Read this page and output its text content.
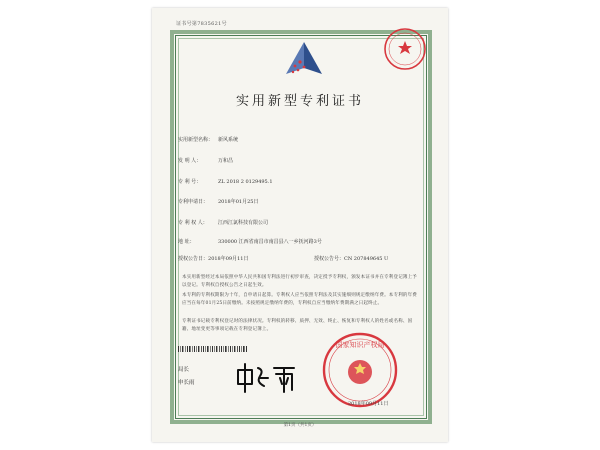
证书号第7835621号
实用新型专利证书
实用新型名称： 新风系统
发 明 人：	万和昌
专 利 号：	ZL 2018 2 0129495.1
专利申请日： 2018年01月25日
专 利 权 人： 江西江氯科技有限公司
地 址：	330000 江西省南昌市南昌县八一乡抚河路3号
授权公告日：2018年09月11日	授权公告号：CN 207849645 U
本实用新型经过本局依照中华人民共和国专利法进行初步审查，决定授予专利权，颁发本证书并在专利登记簿上予以登记。专利权自授权公告之日起生效。
本专利的专利权期限为十年，自申请日起算。专利权人应当依照专利法及其实施细则规定缴纳年费。本专利的年费应当在每年01月25日前缴纳。未按照规定缴纳年费的，专利权自应当缴纳年费期满之日起终止。
专利证书记载专利权登记时的法律状况。专利权的转移、质押、无效、终止、恢复和专利权人的姓名或名称、国籍、地址变更等事项记载在专利登记簿上。
局长
申长雨
国家知识产权局
2018年09月11日
第1页（共1页）
